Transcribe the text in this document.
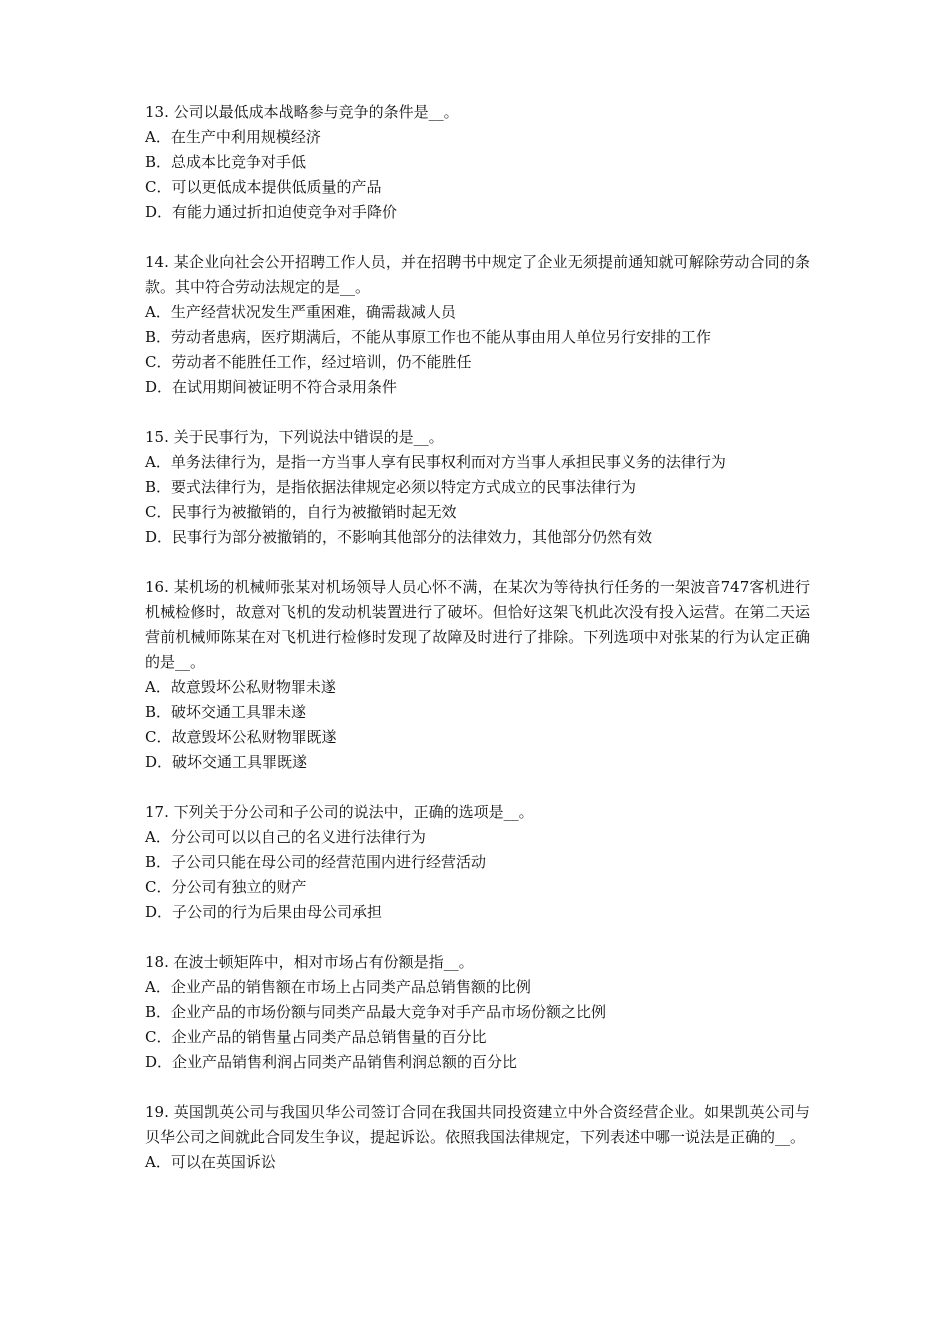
13. 公司以最低成本战略参与竞争的条件是__。

A．在生产中利用规模经济

B．总成本比竞争对手低

C．可以更低成本提供低质量的产品

D．有能力通过折扣迫使竞争对手降价

14. 某企业向社会公开招聘工作人员，并在招聘书中规定了企业无须提前通知就可解除劳动合同的条款。其中符合劳动法规定的是__。

A．生产经营状况发生严重困难，确需裁减人员

B．劳动者患病，医疗期满后，不能从事原工作也不能从事由用人单位另行安排的工作

C．劳动者不能胜任工作，经过培训，仍不能胜任

D．在试用期间被证明不符合录用条件

15. 关于民事行为，下列说法中错误的是__。

A．单务法律行为，是指一方当事人享有民事权利而对方当事人承担民事义务的法律行为

B．要式法律行为，是指依据法律规定必须以特定方式成立的民事法律行为

C．民事行为被撤销的，自行为被撤销时起无效

D．民事行为部分被撤销的，不影响其他部分的法律效力，其他部分仍然有效

16. 某机场的机械师张某对机场领导人员心怀不满，在某次为等待执行任务的一架波音747客机进行机械检修时，故意对飞机的发动机装置进行了破坏。但恰好这架飞机此次没有投入运营。在第二天运营前机械师陈某在对飞机进行检修时发现了故障及时进行了排除。下列选项中对张某的行为认定正确的是__。

A．故意毁坏公私财物罪未遂

B．破坏交通工具罪未遂

C．故意毁坏公私财物罪既遂

D．破坏交通工具罪既遂

17. 下列关于分公司和子公司的说法中，正确的选项是__。

A．分公司可以以自己的名义进行法律行为

B．子公司只能在母公司的经营范围内进行经营活动

C．分公司有独立的财产

D．子公司的行为后果由母公司承担

18. 在波士顿矩阵中，相对市场占有份额是指__。

A．企业产品的销售额在市场上占同类产品总销售额的比例

B．企业产品的市场份额与同类产品最大竞争对手产品市场份额之比例

C．企业产品的销售量占同类产品总销售量的百分比

D．企业产品销售利润占同类产品销售利润总额的百分比

19. 英国凯英公司与我国贝华公司签订合同在我国共同投资建立中外合资经营企业。如果凯英公司与贝华公司之间就此合同发生争议，提起诉讼。依照我国法律规定，下列表述中哪一说法是正确的__。

A．可以在英国诉讼
